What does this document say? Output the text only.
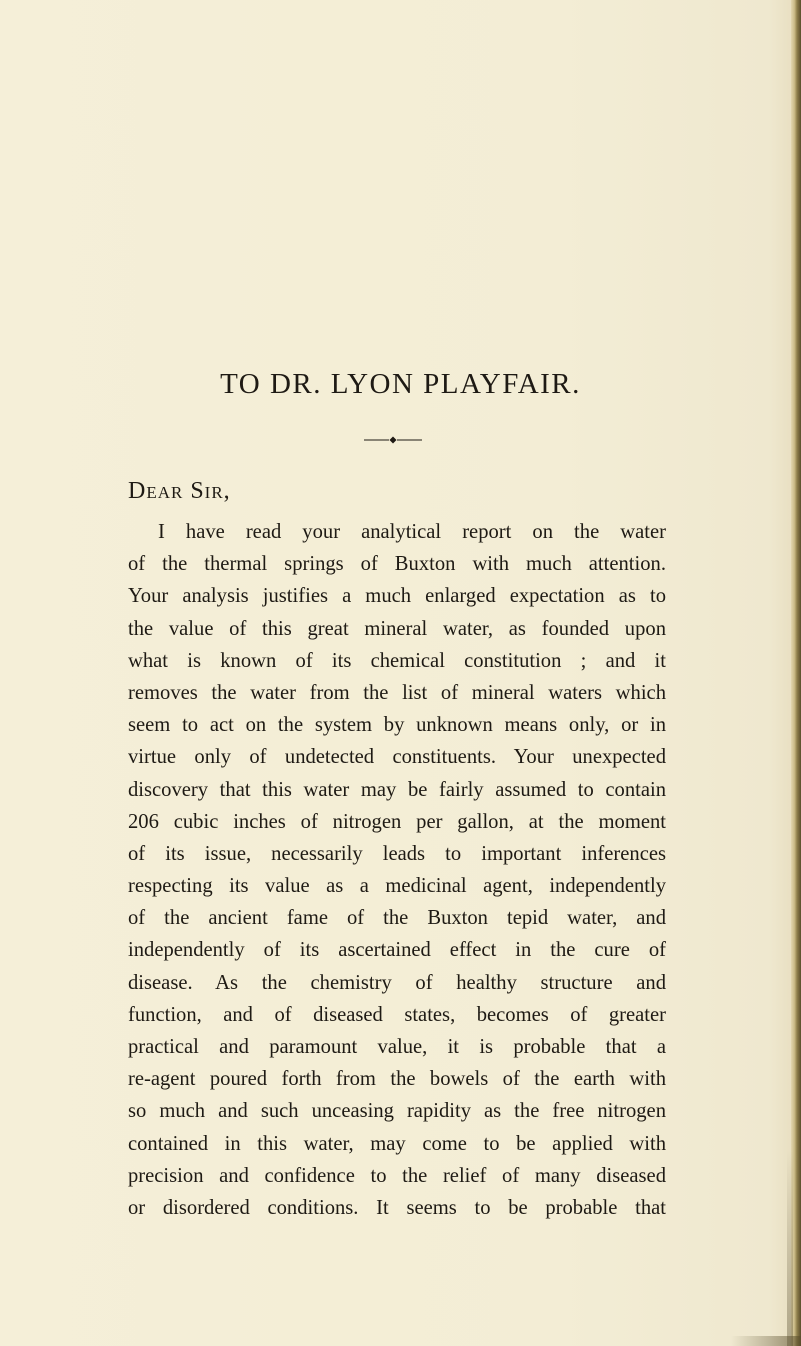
TO DR. LYON PLAYFAIR.
Dear Sir,
I have read your analytical report on the water
of the thermal springs of Buxton with much attention.
Your analysis justifies a much enlarged expectation as to
the value of this great mineral water, as founded upon
what is known of its chemical constitution ; and it
removes the water from the list of mineral waters which
seem to act on the system by unknown means only, or in
virtue only of undetected constituents. Your unexpected
discovery that this water may be fairly assumed to contain
206 cubic inches of nitrogen per gallon, at the moment
of its issue, necessarily leads to important inferences
respecting its value as a medicinal agent, independently
of the ancient fame of the Buxton tepid water, and
independently of its ascertained effect in the cure of
disease. As the chemistry of healthy structure and
function, and of diseased states, becomes of greater
practical and paramount value, it is probable that a
re-agent poured forth from the bowels of the earth with
so much and such unceasing rapidity as the free nitrogen
contained in this water, may come to be applied with
precision and confidence to the relief of many diseased
or disordered conditions. It seems to be probable that
